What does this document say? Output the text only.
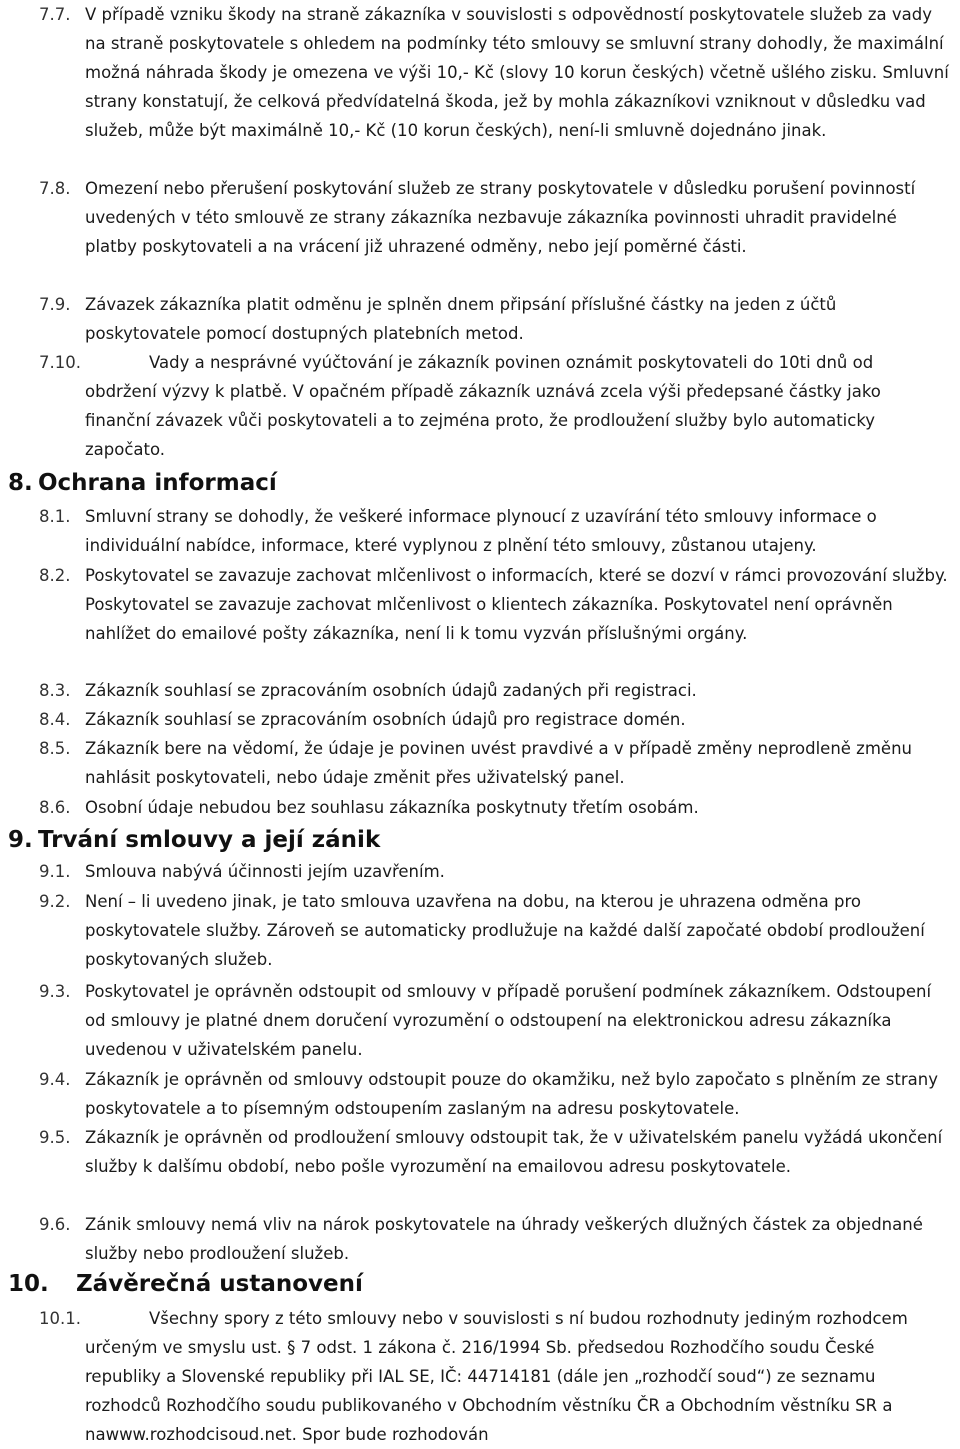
7.7. V případě vzniku škody na straně zákazníka v souvislosti s odpovědností poskytovatele služeb za vady na straně poskytovatele s ohledem na podmínky této smlouvy se smluvní strany dohodly, že maximální možná náhrada škody je omezena ve výši 10,- Kč (slovy 10 korun českých) včetně ušlého zisku. Smluvní strany konstatují, že celková předvídatelná škoda, jež by mohla zákazníkovi vzniknout v důsledku vad služeb, může být maximálně 10,- Kč (10 korun českých), není-li smluvně dojednáno jinak.
7.8. Omezení nebo přerušení poskytování služeb ze strany poskytovatele v důsledku porušení povinností uvedených v této smlouvě ze strany zákazníka nezbavuje zákazníka povinnosti uhradit pravidelné platby poskytovateli a na vrácení již uhrazené odměny, nebo její poměrné části.
7.9. Závazek zákazníka platit odměnu je splněn dnem připsání příslušné částky na jeden z účtů poskytovatele pomocí dostupných platebních metod.
7.10.	Vady a nesprávné vyúčtování je zákazník povinen oznámit poskytovateli do 10ti dnů od obdržení výzvy k platbě. V opačném případě zákazník uznává zcela výši předepsané částky jako finanční závazek vůči poskytovateli a to zejména proto, že prodloužení služby bylo automaticky započato.
8. Ochrana informací
8.1. Smluvní strany se dohodly, že veškeré informace plynoucí z uzavírání této smlouvy informace o individuální nabídce, informace, které vyplynou z plnění této smlouvy, zůstanou utajeny.
8.2. Poskytovatel se zavazuje zachovat mlčenlivost o informacích, které se dozví v rámci provozování služby. Poskytovatel se zavazuje zachovat mlčenlivost o klientech zákazníka. Poskytovatel není oprávněn nahlížet do emailové pošty zákazníka, není li k tomu vyzván příslušnými orgány.
8.3. Zákazník souhlasí se zpracováním osobních údajů zadaných při registraci.
8.4. Zákazník souhlasí se zpracováním osobních údajů pro registrace domén.
8.5. Zákazník bere na vědomí, že údaje je povinen uvést pravdivé a v případě změny neprodleně změnu nahlásit poskytovateli, nebo údaje změnit přes uživatelský panel.
8.6. Osobní údaje nebudou bez souhlasu zákazníka poskytnuty třetím osobám.
9. Trvání smlouvy a její zánik
9.1. Smlouva nabývá účinnosti jejím uzavřením.
9.2. Není – li uvedeno jinak, je tato smlouva uzavřena na dobu, na kterou je uhrazena odměna pro poskytovatele služby. Zároveň se automaticky prodlužuje na každé další započaté období prodloužení poskytovaných služeb.
9.3. Poskytovatel je oprávněn odstoupit od smlouvy v případě porušení podmínek zákazníkem. Odstoupení od smlouvy je platné dnem doručení vyrozumění o odstoupení na elektronickou adresu zákazníka uvedenou v uživatelském panelu.
9.4. Zákazník je oprávněn od smlouvy odstoupit pouze do okamžiku, než bylo započato s plněním ze strany poskytovatele a to písemným odstoupením zaslaným na adresu poskytovatele.
9.5. Zákazník je oprávněn od prodloužení smlouvy odstoupit tak, že v uživatelském panelu vyžádá ukončení služby k dalšímu období, nebo pošle vyrozumění na emailovou adresu poskytovatele.
9.6. Zánik smlouvy nemá vliv na nárok poskytovatele na úhrady veškerých dlužných částek za objednané služby nebo prodloužení služeb.
10. Závěrečná ustanovení
10.1.	Všechny spory z této smlouvy nebo v souvislosti s ní budou rozhodnuty jediným rozhodcem určeným ve smyslu ust. § 7 odst. 1 zákona č. 216/1994 Sb. předsedou Rozhodčího soudu České republiky a Slovenské republiky při IAL SE, IČ: 44714181 (dále jen „rozhodčí soud“) ze seznamu rozhodců Rozhodčího soudu publikovaného v Obchodním věstníku ČR a Obchodním věstníku SR a nawww.rozhodcisoud.net. Spor bude rozhodován
